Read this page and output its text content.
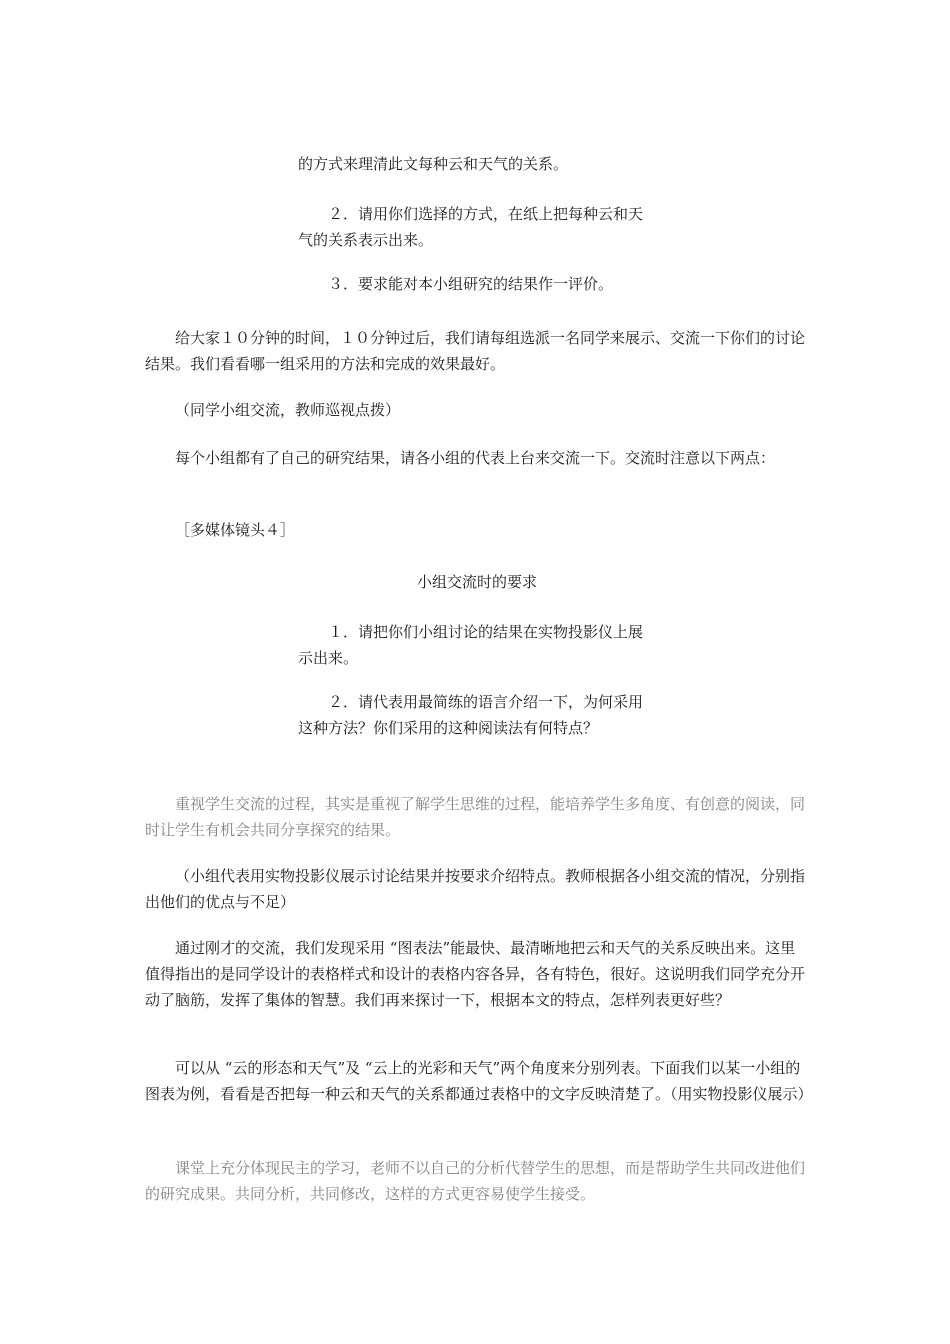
的方式来理清此文每种云和天气的关系。

２．请用你们选择的方式，在纸上把每种云和天气的关系表示出来。

３．要求能对本小组研究的结果作一评价。

给大家１０分钟的时间，１０分钟过后，我们请每组选派一名同学来展示、交流一下你们的讨论结果。我们看看哪一组采用的方法和完成的效果最好。

（同学小组交流，教师巡视点拨）

每个小组都有了自己的研究结果，请各小组的代表上台来交流一下。交流时注意以下两点：

［多媒体镜头４］

小组交流时的要求

１．请把你们小组讨论的结果在实物投影仪上展示出来。

２．请代表用最简练的语言介绍一下，为何采用这种方法？你们采用的这种阅读法有何特点？

重视学生交流的过程，其实是重视了解学生思维的过程，能培养学生多角度、有创意的阅读，同时让学生有机会共同分享探究的结果。

（小组代表用实物投影仪展示讨论结果并按要求介绍特点。教师根据各小组交流的情况，分别指出他们的优点与不足）

通过刚才的交流，我们发现采用 “图表法”能最快、最清晰地把云和天气的关系反映出来。这里值得指出的是同学设计的表格样式和设计的表格内容各异，各有特色，很好。这说明我们同学充分开动了脑筋，发挥了集体的智慧。我们再来探讨一下，根据本文的特点，怎样列表更好些？

可以从 “云的形态和天气”及 “云上的光彩和天气”两个角度来分别列表。下面我们以某一小组的图表为例，看看是否把每一种云和天气的关系都通过表格中的文字反映清楚了。（用实物投影仪展示）

课堂上充分体现民主的学习，老师不以自己的分析代替学生的思想，而是帮助学生共同改进他们的研究成果。共同分析，共同修改，这样的方式更容易使学生接受。
